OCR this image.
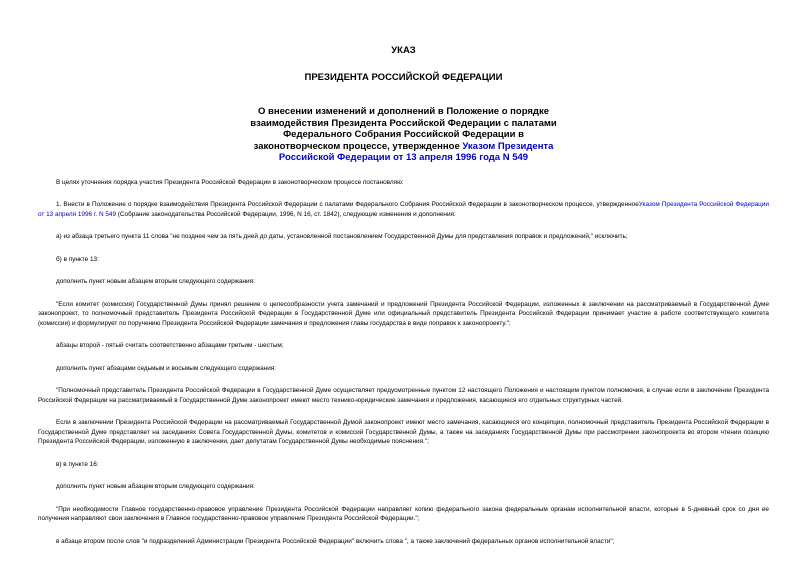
УКАЗ
ПРЕЗИДЕНТА РОССИЙСКОЙ ФЕДЕРАЦИИ
О внесении изменений и дополнений в Положение о порядке взаимодействия Президента Российской Федерации с палатами Федерального Собрания Российской Федерации в законотворческом процессе, утвержденное Указом Президента Российской Федерации от 13 апреля 1996 года N 549

В целях уточнения порядка участия Президента Российской Федерации в законотворческом процессе постановляю:

1. Внести в Положение о порядке взаимодействия Президента Российской Федерации с палатами Федерального Собрания Российской Федерации в законотворческом процессе, утвержденноеУказом Президента Российской Федерации от 13 апреля 1996 г. N 549 (Собрание законодательства Российской Федерации, 1996, N 16, ст. 1842), следующие изменения и дополнения:

а) из абзаца третьего пункта 11 слова "не позднее чем за пять дней до даты, установленной постановлением Государственной Думы для представления поправок и предложений," исключить;

б) в пункте 13:

дополнить пункт новым абзацем вторым следующего содержания:

"Если комитет (комиссия) Государственной Думы принял решение о целесообразности учета замечаний и предложений Президента Российской Федерации, изложенных в заключении на рассматриваемый в Государственной Думе законопроект, то полномочный представитель Президента Российской Федерации в Государственной Думе или официальный представитель Президента Российской Федерации принимает участие в работе соответствующего комитета (комиссии) и формулирует по поручению Президента Российской Федерации замечания и предложения главы государства в виде поправок к законопроекту.";

абзацы второй - пятый считать соответственно абзацами третьим - шестым;

дополнить пункт абзацами седьмым и восьмым следующего содержания:

"Полномочный представитель Президента Российской Федерации в Государственной Думе осуществляет предусмотренные пунктом 12 настоящего Положения и настоящим пунктом полномочия, в случае если в заключении Президента Российской Федерации на рассматриваемый в Государственной Думе законопроект имеют место технико-юридические замечания и предложения, касающиеся его отдельных структурных частей.

Если в заключении Президента Российской Федерации на рассматриваемый Государственной Думой законопроект имеют место замечания, касающиеся его концепции, полномочный представитель Президента Российской Федерации в Государственной Думе представляет на заседаниях Совета Государственной Думы, комитетов и комиссий Государственной Думы, а также на заседаниях Государственной Думы при рассмотрении законопроекта во втором чтении позицию Президента Российской Федерации, изложенную в заключении, дает депутатам Государственной Думы необходимые пояснения.";

в) в пункте 16:

дополнить пункт новым абзацем вторым следующего содержания:

"При необходимости Главное государственно-правовое управление Президента Российской Федерации направляет копию федерального закона федеральным органам исполнительной власти, которые в 5-дневный срок со дня ее получения направляют свои заключения в Главное государственно-правовое управление Президента Российской Федерации.";

в абзаце втором после слов "и подразделений Администрации Президента Российской Федерации" включить слова ", а также заключений федеральных органов исполнительной власти";
